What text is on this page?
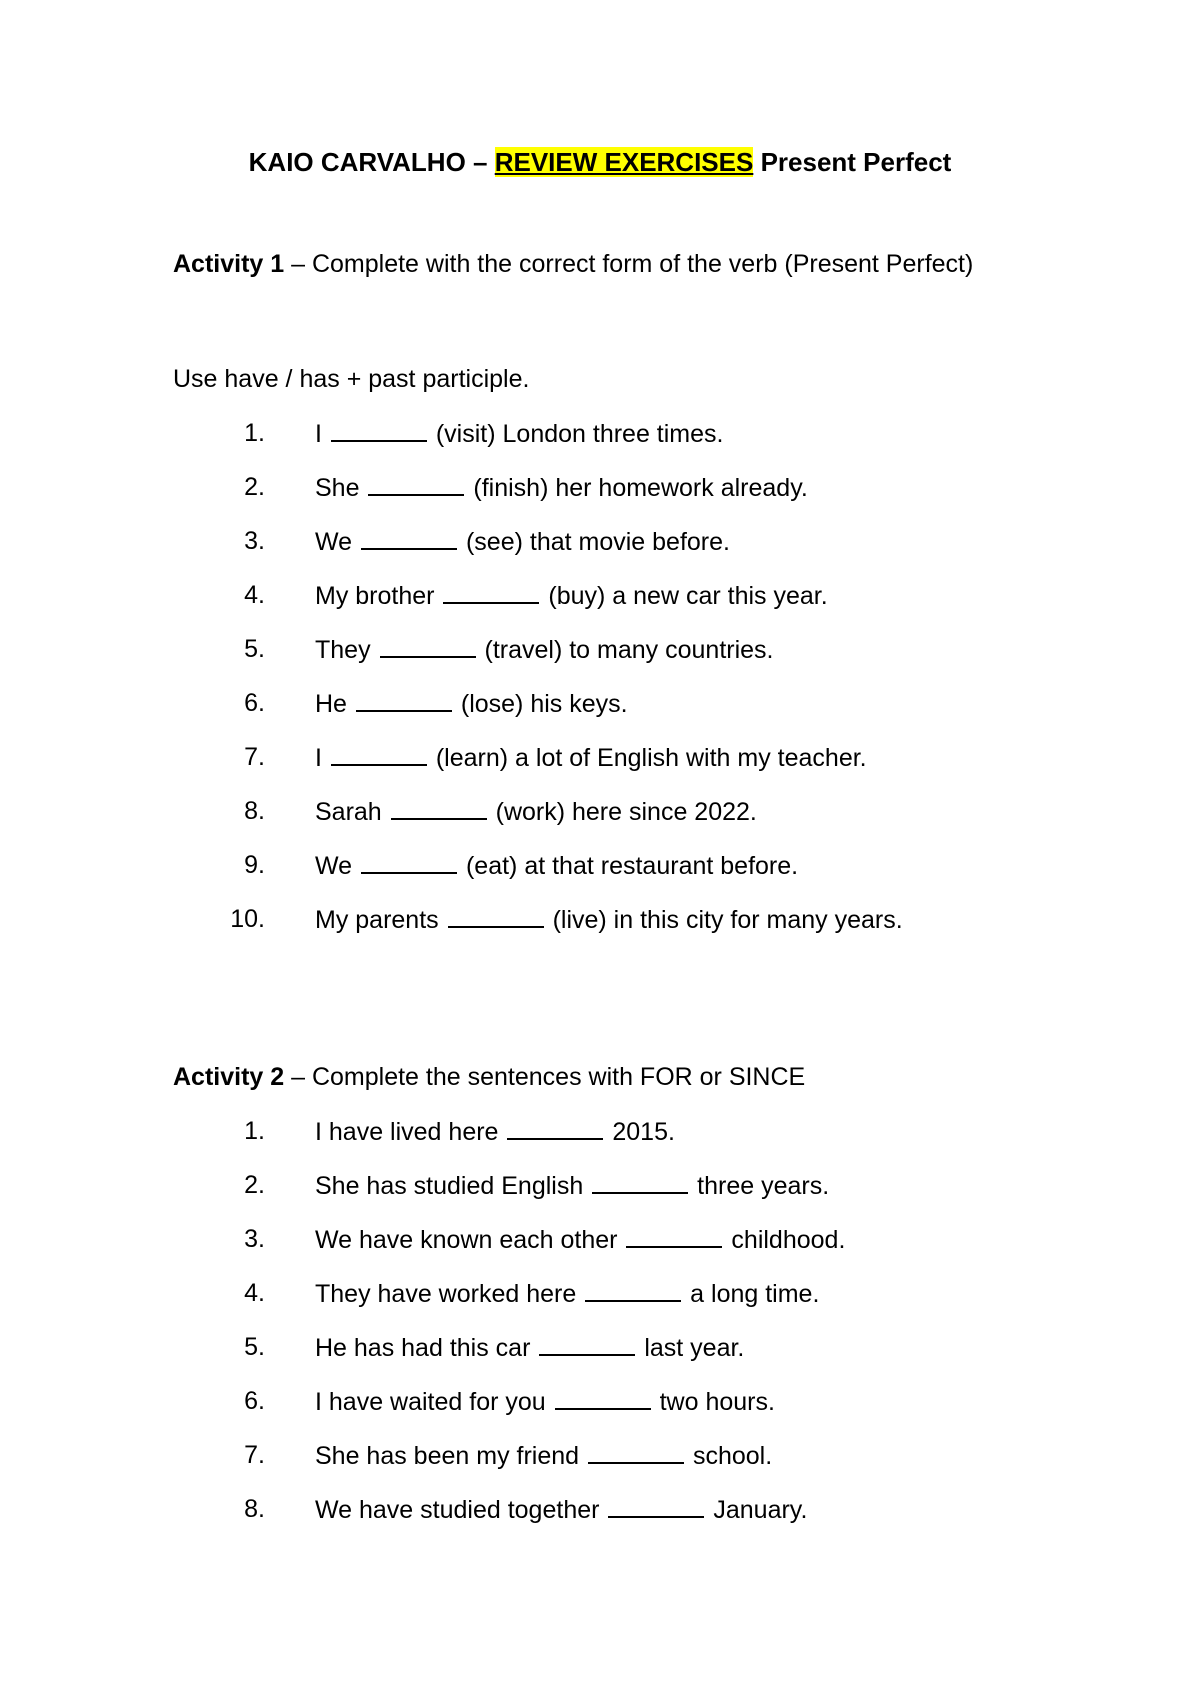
KAIO CARVALHO – REVIEW EXERCISES Present Perfect
Activity 1 – Complete with the correct form of the verb (Present Perfect)
Use have / has + past participle.
1. I	(visit) London three times.
2. She	(finish) her homework already.
3. We	(see) that movie before.
4. My brother	(buy) a new car this year.
5. They	(travel) to many countries.
6. He	(lose) his keys.
7. I	(learn) a lot of English with my teacher.
8. Sarah	(work) here since 2022.
9. We	(eat) at that restaurant before.
10. My parents	(live) in this city for many years.
Activity 2 – Complete the sentences with FOR or SINCE
1. I have lived here	2015.
2. She has studied English	three years.
3. We have known each other	childhood.
4. They have worked here	a long time.
5. He has had this car	last year.
6. I have waited for you	two hours.
7. She has been my friend	school.
8. We have studied together	January.
